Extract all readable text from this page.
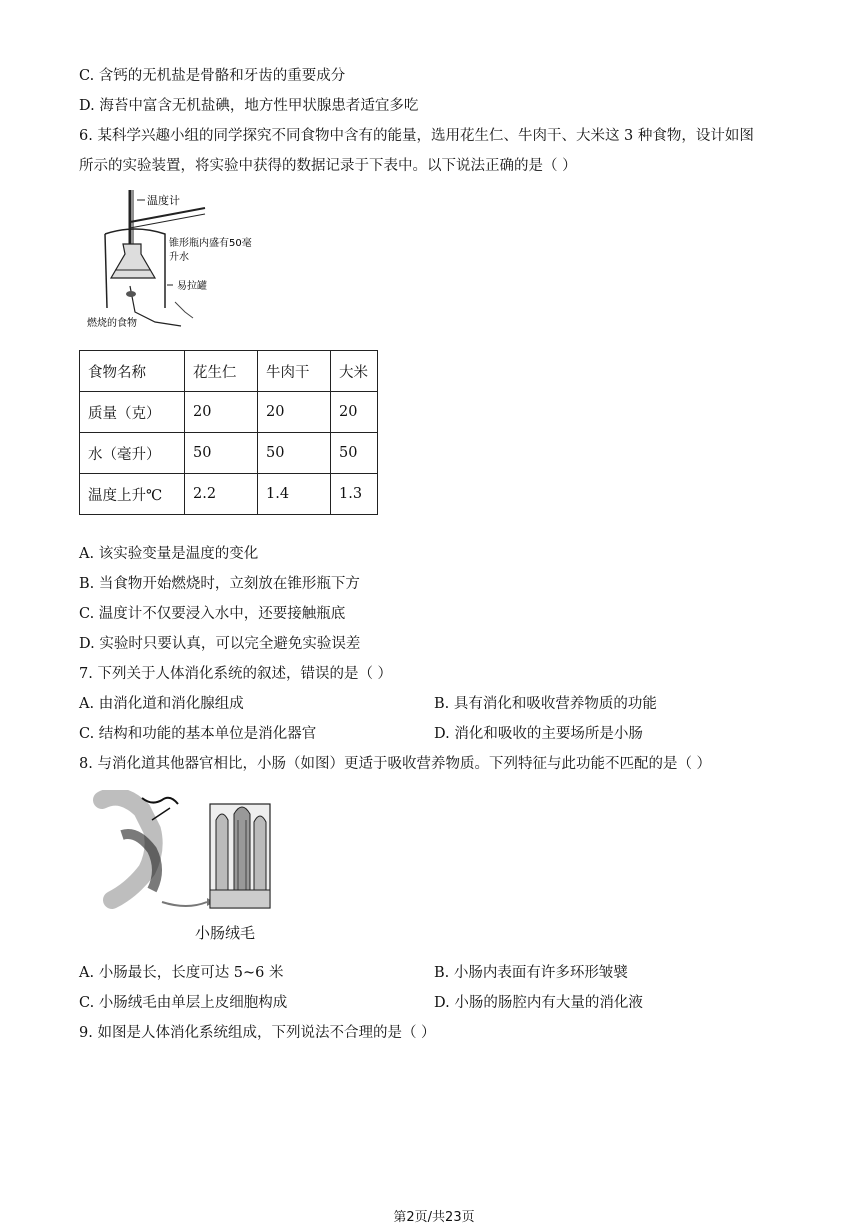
C. 含钙的无机盐是骨骼和牙齿的重要成分
D. 海苔中富含无机盐碘，地方性甲状腺患者适宜多吃
6. 某科学兴趣小组的同学探究不同食物中含有的能量，选用花生仁、牛肉干、大米这 3 种食物，设计如图
所示的实验装置，将实验中获得的数据记录于下表中。以下说法正确的是（ ）
温度计
锥形瓶内盛有50毫
升水
易拉罐
燃烧的食物
食物名称	花生仁	牛肉干	大米
质量（克）	20	20	20
水（毫升）	50	50	50
温度上升℃	2.2	1.4	1.3
A. 该实验变量是温度的变化
B. 当食物开始燃烧时，立刻放在锥形瓶下方
C. 温度计不仅要浸入水中，还要接触瓶底
D. 实验时只要认真，可以完全避免实验误差
7. 下列关于人体消化系统的叙述，错误的是（ ）
A. 由消化道和消化腺组成	B. 具有消化和吸收营养物质的功能
C. 结构和功能的基本单位是消化器官	D. 消化和吸收的主要场所是小肠
8. 与消化道其他器官相比，小肠（如图）更适于吸收营养物质。下列特征与此功能不匹配的是（ ）
小肠绒毛
A. 小肠最长，长度可达 5~6 米	B. 小肠内表面有许多环形皱襞
C. 小肠绒毛由单层上皮细胞构成	D. 小肠的肠腔内有大量的消化液
9. 如图是人体消化系统组成，下列说法不合理的是（ ）
第2页/共23页
